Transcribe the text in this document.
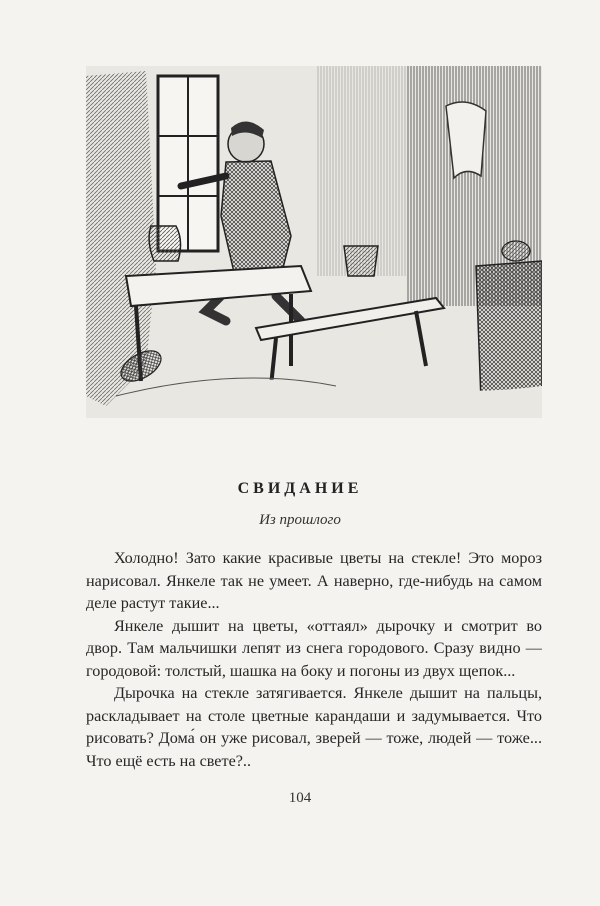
СВИДАНИЕ
Из прошлого

Холодно! Зато какие красивые цветы на стекле! Это мороз нарисовал. Янкеле так не умеет. А наверно, где-нибудь на самом деле растут такие...

Янкеле дышит на цветы, «оттаял» дырочку и смотрит во двор. Там мальчишки лепят из снега городового. Сразу видно — городовой: толстый, шашка на боку и погоны из двух щепок...

Дырочка на стекле затягивается. Янкеле дышит на пальцы, раскладывает на столе цветные карандаши и задумывается. Что рисовать? Дома́ он уже рисовал, зверей — тоже, людей — тоже... Что ещё есть на свете?..

104
